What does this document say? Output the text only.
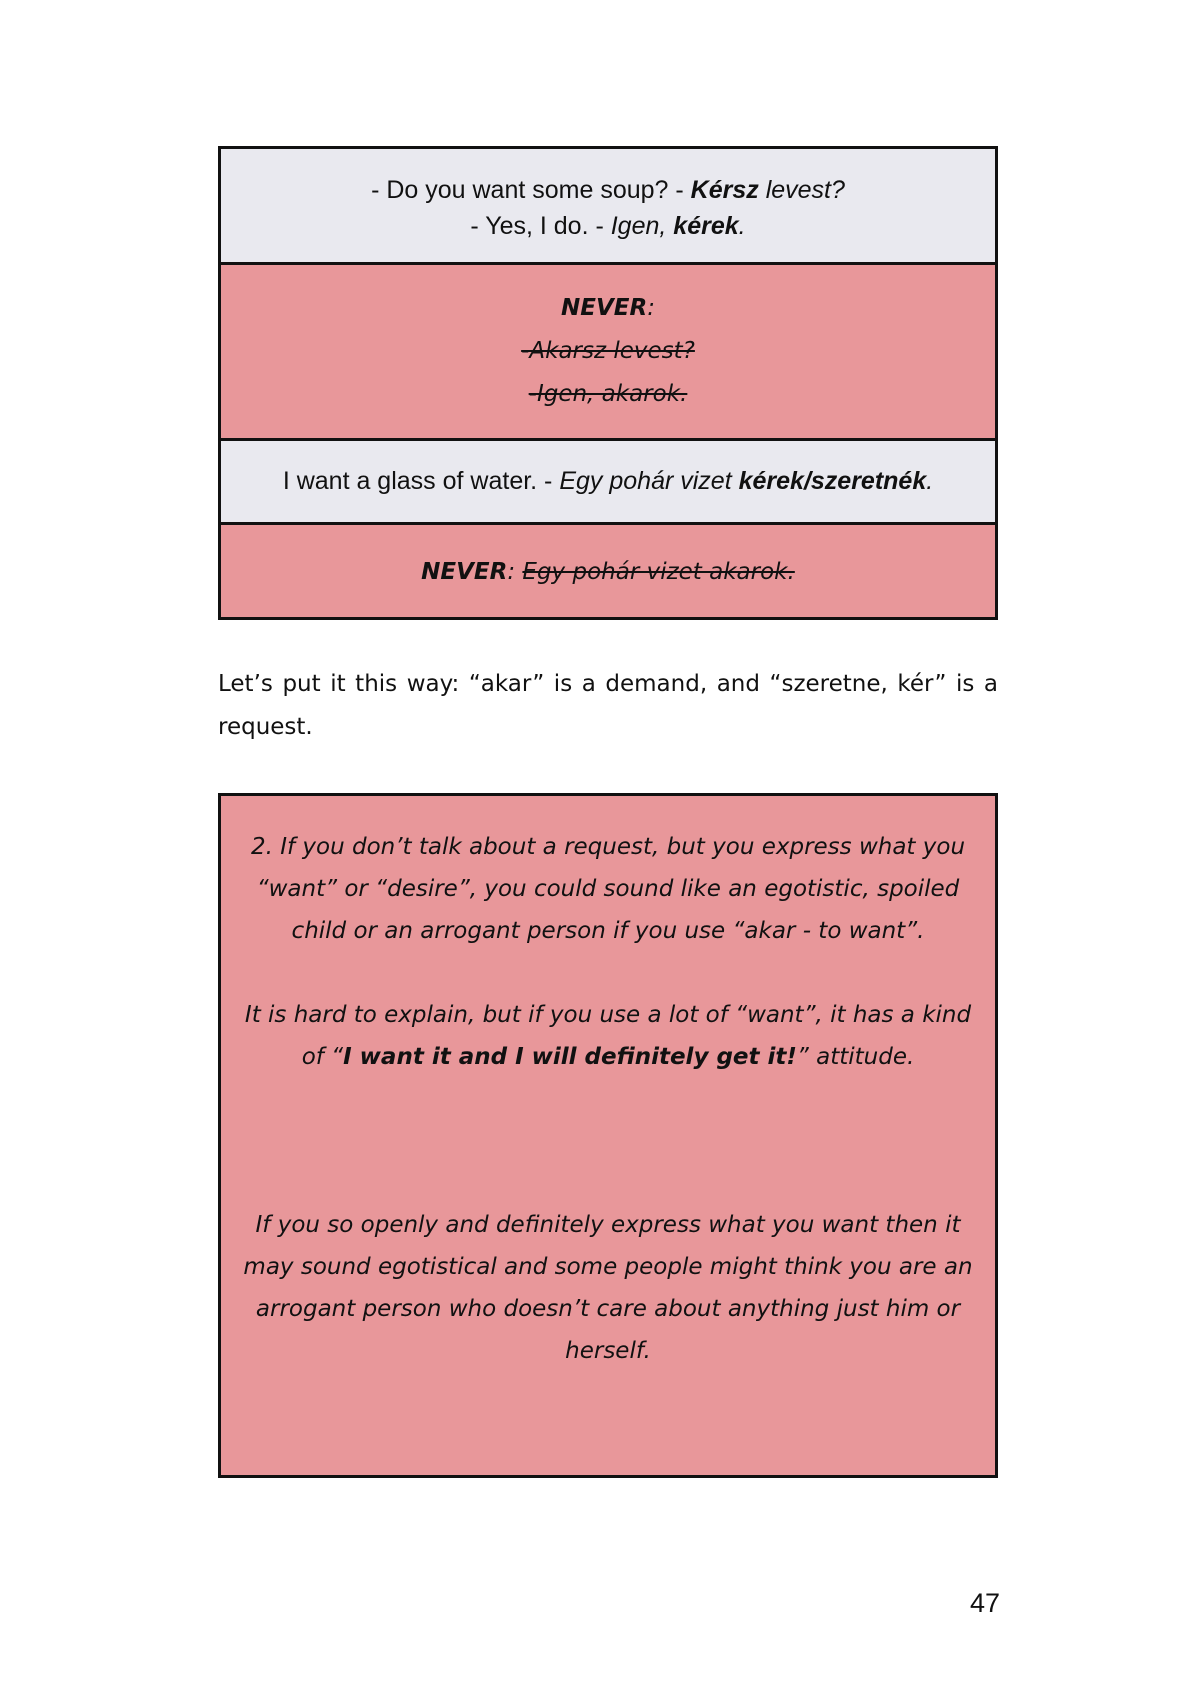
- Do you want some soup? - Kérsz levest?
- Yes, I do. - Igen, kérek.
NEVER:
-Akarsz levest?
-Igen, akarok.
I want a glass of water. - Egy pohár vizet kérek/szeretnék.
NEVER: Egy pohár vizet akarok.

Let’s put it this way: “akar” is a demand, and “szeretne, kér” is a request.

2. If you don’t talk about a request, but you express what you “want” or “desire”, you could sound like an egotistic, spoiled child or an arrogant person if you use “akar - to want”.

It is hard to explain, but if you use a lot of “want”, it has a kind of “I want it and I will definitely get it!” attitude.

If you so openly and definitely express what you want then it may sound egotistical and some people might think you are an arrogant person who doesn’t care about anything just him or herself.

47
